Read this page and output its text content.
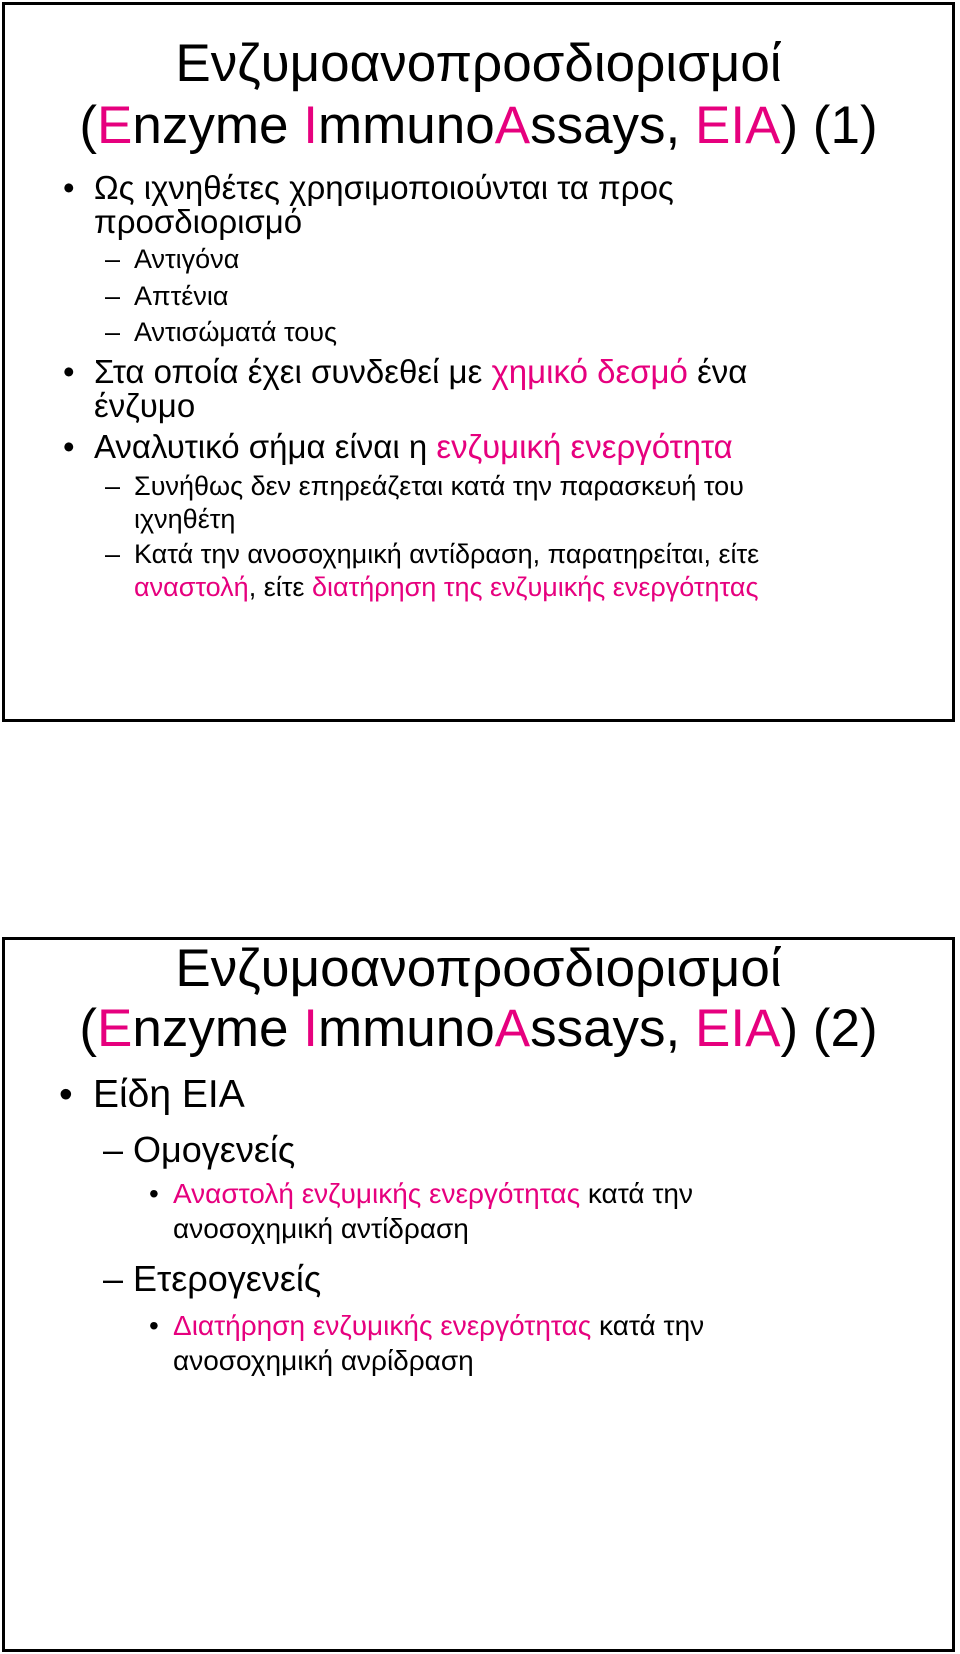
Ενζυμοανοπροσδιορισμοί
(Enzyme ImmunoAssays, EIA) (1)
• Ως ιχνηθέτες χρησιμοποιούνται τα προς
προσδιορισμό
– Αντιγόνα
– Απτένια
– Αντισώματά τους
• Στα οποία έχει συνδεθεί με χημικό δεσμό ένα
ένζυμο
• Αναλυτικό σήμα είναι η ενζυμική ενεργότητα
– Συνήθως δεν επηρεάζεται κατά την παρασκευή του
ιχνηθέτη
– Κατά την ανοσοχημική αντίδραση, παρατηρείται, είτε
αναστολή, είτε διατήρηση της ενζυμικής ενεργότητας
Ενζυμοανοπροσδιορισμοί
(Enzyme ImmunoAssays, EIA) (2)
• Είδη ΕΙΑ
– Ομογενείς
• Αναστολή ενζυμικής ενεργότητας κατά την
ανοσοχημική αντίδραση
– Ετερογενείς
• Διατήρηση ενζυμικής ενεργότητας κατά την
ανοσοχημική ανρίδραση
